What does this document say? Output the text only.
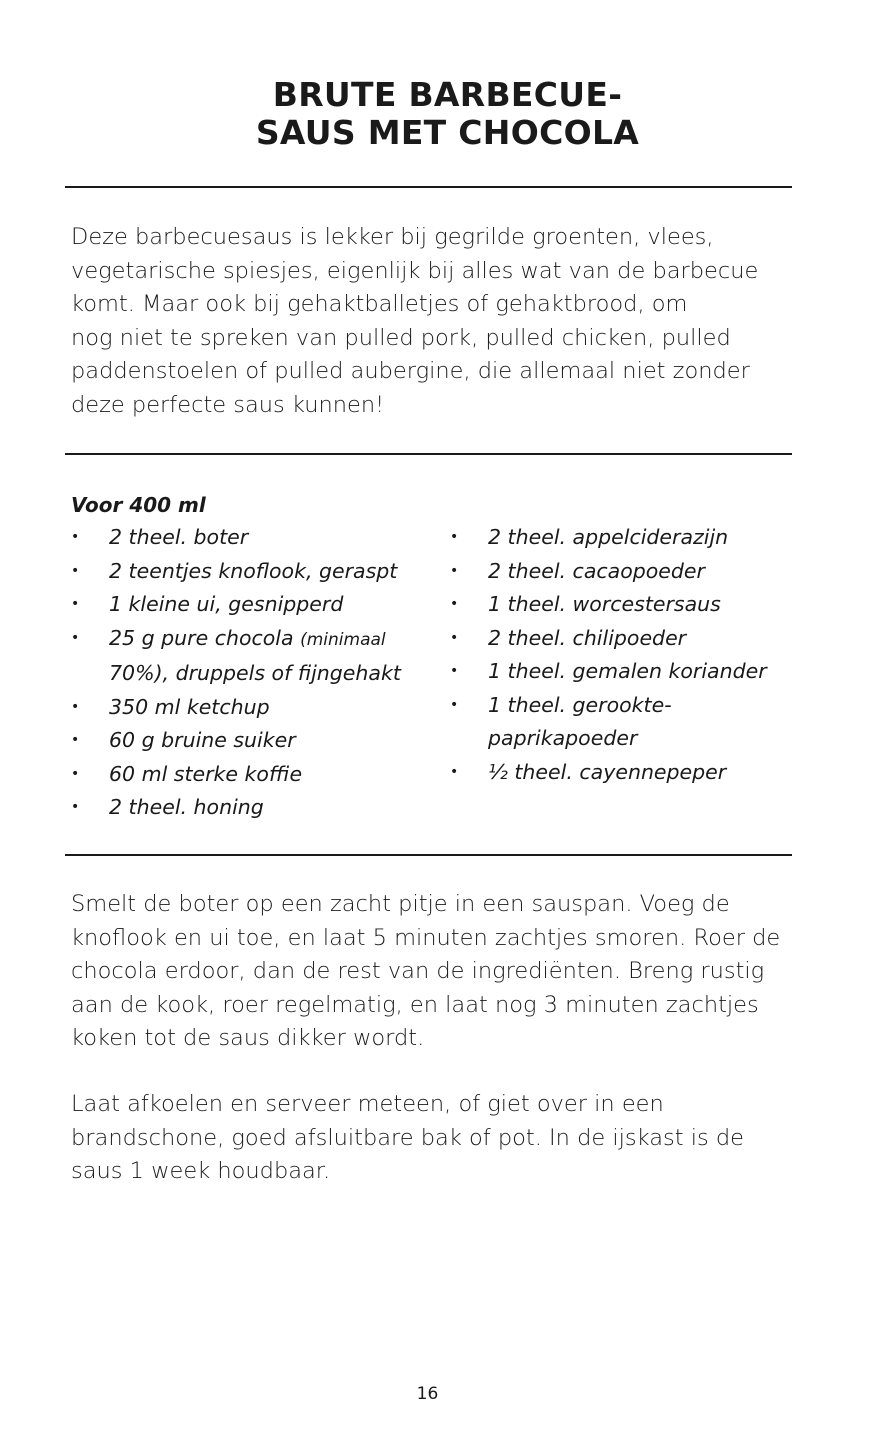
BRUTE BARBECUE-
SAUS MET CHOCOLA
Deze barbecuesaus is lekker bij gegrilde groenten, vlees,
vegetarische spiesjes, eigenlijk bij alles wat van de barbecue
komt. Maar ook bij gehaktballetjes of gehaktbrood, om
nog niet te spreken van pulled pork, pulled chicken, pulled
paddenstoelen of pulled aubergine, die allemaal niet zonder
deze perfecte saus kunnen!
Voor 400 ml
• 2 theel. boter
• 2 teentjes knoflook, geraspt
• 1 kleine ui, gesnipperd
• 25 g pure chocola (minimaal
70%), druppels of fijngehakt
• 350 ml ketchup
• 60 g bruine suiker
• 60 ml sterke koffie
• 2 theel. honing
• 2 theel. appelciderazijn
• 2 theel. cacaopoeder
• 1 theel. worcestersaus
• 2 theel. chilipoeder
• 1 theel. gemalen koriander
• 1 theel. gerookte-
paprikapoeder
• ½ theel. cayennepeper
Smelt de boter op een zacht pitje in een sauspan. Voeg de
knoflook en ui toe, en laat 5 minuten zachtjes smoren. Roer de
chocola erdoor, dan de rest van de ingrediënten. Breng rustig
aan de kook, roer regelmatig, en laat nog 3 minuten zachtjes
koken tot de saus dikker wordt.
Laat afkoelen en serveer meteen, of giet over in een
brandschone, goed afsluitbare bak of pot. In de ijskast is de
saus 1 week houdbaar.
16
